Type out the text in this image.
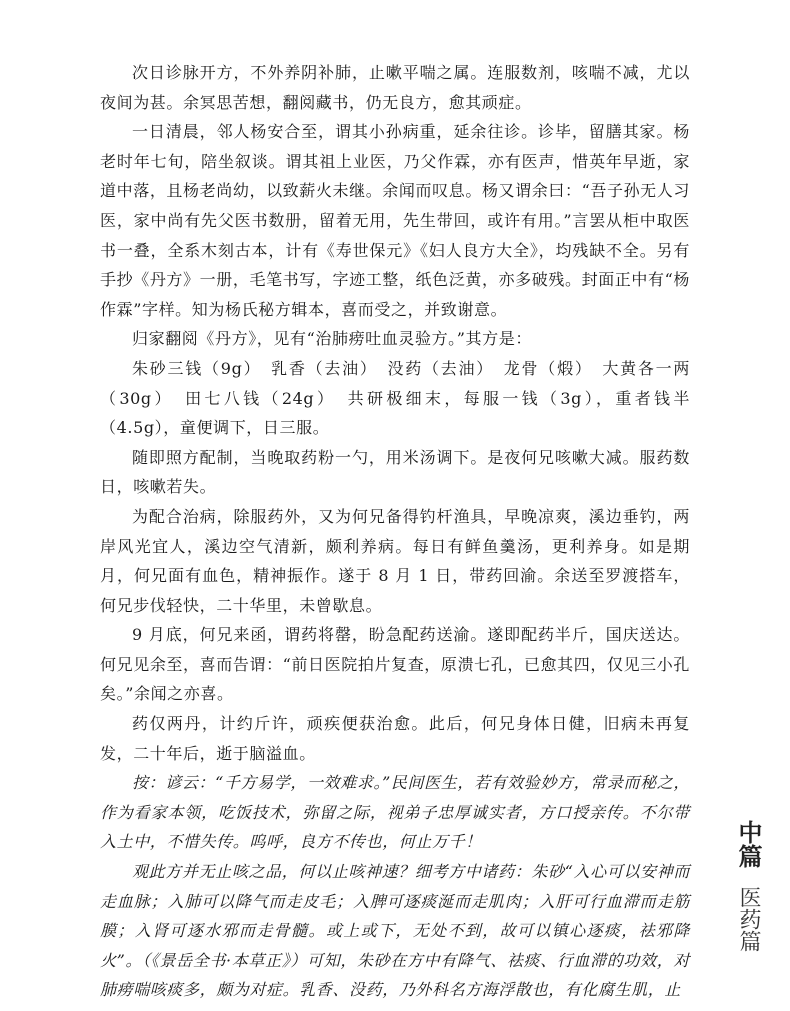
次日诊脉开方，不外养阴补肺，止嗽平喘之属。连服数剂，咳喘不减，尤以夜间为甚。余冥思苦想，翻阅藏书，仍无良方，愈其顽症。

一日清晨，邻人杨安合至，谓其小孙病重，延余往诊。诊毕，留膳其家。杨老时年七旬，陪坐叙谈。谓其祖上业医，乃父作霖，亦有医声，惜英年早逝，家道中落，且杨老尚幼，以致薪火未继。余闻而叹息。杨又谓余曰：“吾子孙无人习医，家中尚有先父医书数册，留着无用，先生带回，或许有用。”言罢从柜中取医书一叠，全系木刻古本，计有《寿世保元》《妇人良方大全》，均残缺不全。另有手抄《丹方》一册，毛笔书写，字迹工整，纸色泛黄，亦多破残。封面正中有“杨作霖”字样。知为杨氏秘方辑本，喜而受之，并致谢意。

归家翻阅《丹方》，见有“治肺痨吐血灵验方。”其方是：

朱砂三钱（9g）　乳香（去油）　没药（去油）　龙骨（煅）　大黄各一两（30g）　田七八钱（24g）　共研极细末，每服一钱（3g），重者钱半（4.5g），童便调下，日三服。

随即照方配制，当晚取药粉一勺，用米汤调下。是夜何兄咳嗽大减。服药数日，咳嗽若失。

为配合治病，除服药外，又为何兄备得钓杆渔具，早晚凉爽，溪边垂钓，两岸风光宜人，溪边空气清新，颇利养病。每日有鲜鱼羹汤，更利养身。如是期月，何兄面有血色，精神振作。遂于 8 月 1 日，带药回渝。余送至罗渡搭车，何兄步伐轻快，二十华里，未曾歇息。

9 月底，何兄来函，谓药将罄，盼急配药送渝。遂即配药半斤，国庆送达。何兄见余至，喜而告谓：“前日医院拍片复查，原溃七孔，已愈其四，仅见三小孔矣。”余闻之亦喜。

药仅两丹，计约斤许，顽疾便获治愈。此后，何兄身体日健，旧病未再复发，二十年后，逝于脑溢血。

按：谚云：“千方易学，一效难求。”民间医生，若有效验妙方，常录而秘之，作为看家本领，吃饭技术，弥留之际，视弟子忠厚诚实者，方口授亲传。不尔带入土中，不惜失传。呜呼，良方不传也，何止万千！

观此方并无止咳之品，何以止咳神速？细考方中诸药：朱砂“入心可以安神而走血脉；入肺可以降气而走皮毛；入脾可逐痰涎而走肌肉；入肝可行血滞而走筋膜；入肾可逐水邪而走骨髓。或上或下，无处不到，故可以镇心逐痰，祛邪降火”。（《景岳全书·本草正》）可知，朱砂在方中有降气、祛痰、行血滞的功效，对肺痨喘咳痰多，颇为对症。乳香、没药，乃外科名方海浮散也，有化腐生肌，止

中篇
医药篇
